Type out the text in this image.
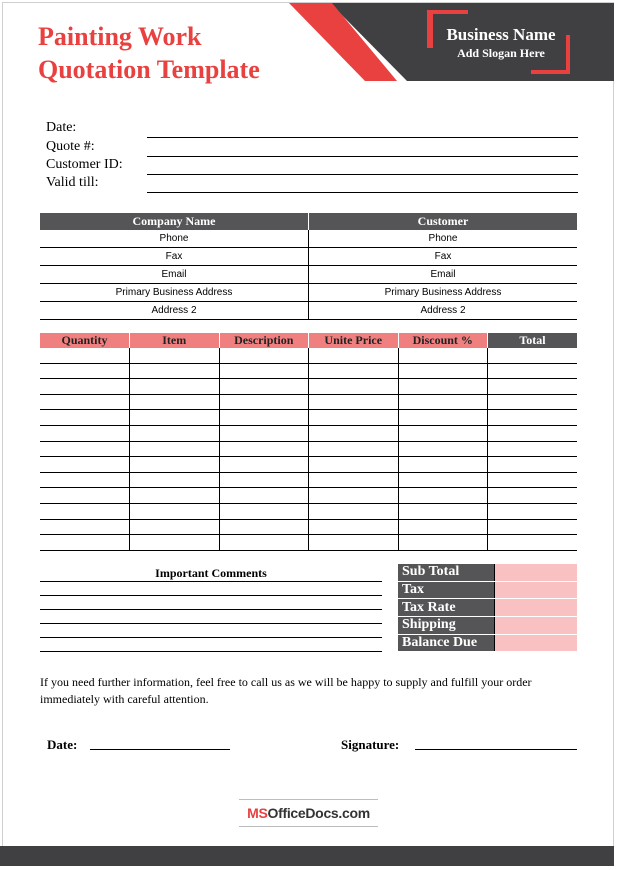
Painting Work
Quotation Template
Business Name
Add Slogan Here
Date:
Quote #:
Customer ID:
Valid till:
Company Name	Customer
Phone	Phone
Fax	Fax
Email	Email
Primary Business Address	Primary Business Address
Address 2	Address 2
Quantity	Item	Description	Unite Price	Discount %	Total

Important Comments	Sub Total	
Tax	
Tax Rate	
Shipping	
Balance Due	
If you need further information, feel free to call us as we will be happy to supply and fulfill your order immediately with careful attention.
Date:	Signature:
MSOfficeDocs.com
